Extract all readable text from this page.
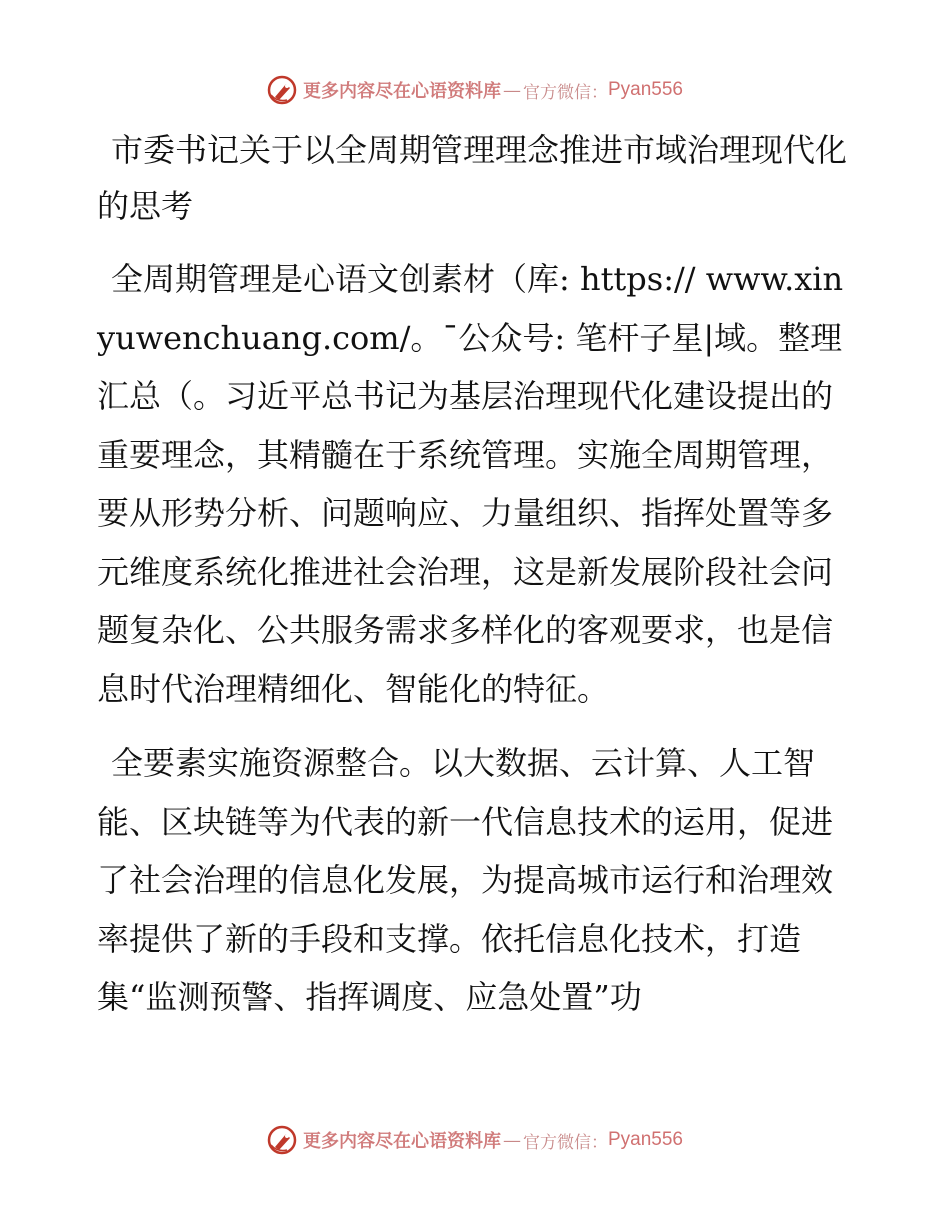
更多内容尽在心语资料库 — 官方微信： Pyan556
市委书记关于以全周期管理理念推进市域治理现代化的思考

全周期管理是心语文创素材（库: https:// www.xinyuwenchuang.com/。¯公众号: 笔杆子星|域。整理汇总（。习近平总书记为基层治理现代化建设提出的重要理念，其精髓在于系统管理。实施全周期管理，要从形势分析、问题响应、力量组织、指挥处置等多元维度系统化推进社会治理，这是新发展阶段社会问题复杂化、公共服务需求多样化的客观要求，也是信息时代治理精细化、智能化的特征。

全要素实施资源整合。以大数据、云计算、人工智能、区块链等为代表的新一代信息技术的运用，促进了社会治理的信息化发展，为提高城市运行和治理效率提供了新的手段和支撑。依托信息化技术，打造集“监测预警、指挥调度、应急处置”功

更多内容尽在心语资料库 — 官方微信： Pyan556
